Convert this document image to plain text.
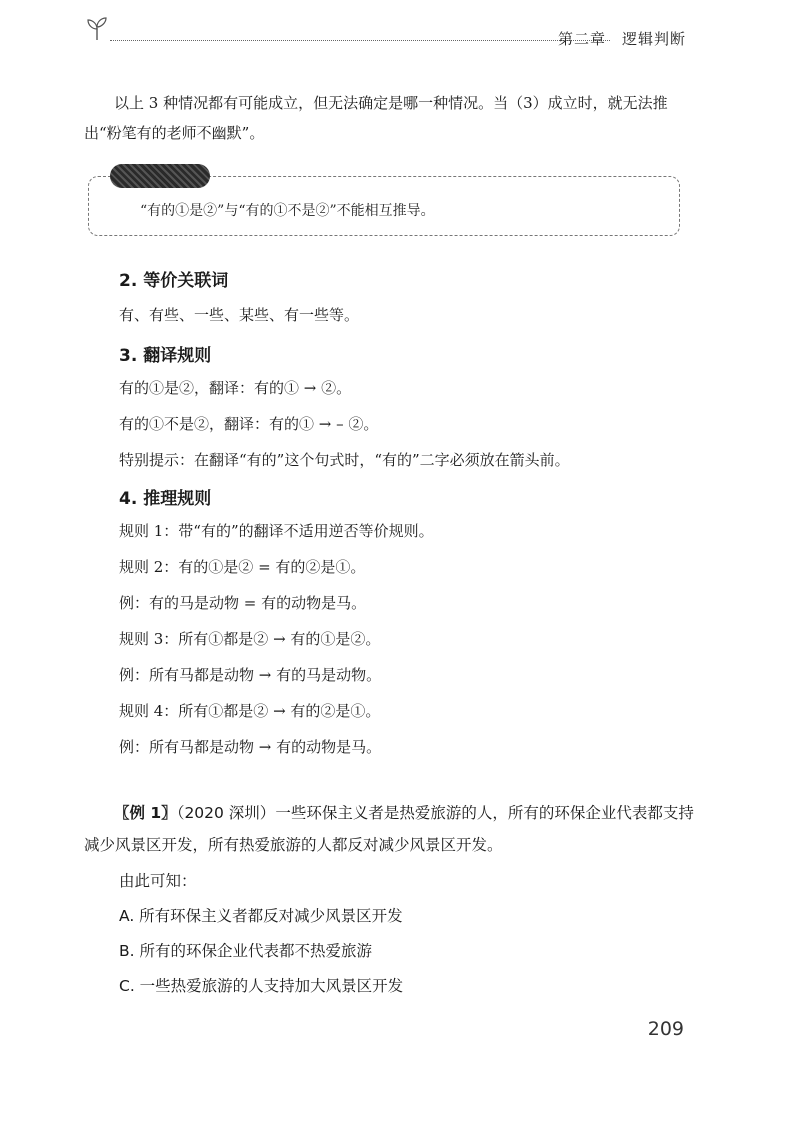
第二章　逻辑判断
以上 3 种情况都有可能成立，但无法确定是哪一种情况。当（3）成立时，就无法推出“粉笔有的老师不幽默”。
“有的①是②”与“有的①不是②”不能相互推导。
2. 等价关联词
有、有些、一些、某些、有一些等。
3. 翻译规则
有的①是②，翻译：有的① → ②。
有的①不是②，翻译：有的① → – ②。
特别提示：在翻译“有的”这个句式时，“有的”二字必须放在箭头前。
4. 推理规则
规则 1：带“有的”的翻译不适用逆否等价规则。
规则 2：有的①是② = 有的②是①。
例：有的马是动物 = 有的动物是马。
规则 3：所有①都是② → 有的①是②。
例：所有马都是动物 → 有的马是动物。
规则 4：所有①都是② → 有的②是①。
例：所有马都是动物 → 有的动物是马。
〖例 1〗（2020 深圳）一些环保主义者是热爱旅游的人，所有的环保企业代表都支持减少风景区开发，所有热爱旅游的人都反对减少风景区开发。
由此可知：
A. 所有环保主义者都反对减少风景区开发
B. 所有的环保企业代表都不热爱旅游
C. 一些热爱旅游的人支持加大风景区开发
209
